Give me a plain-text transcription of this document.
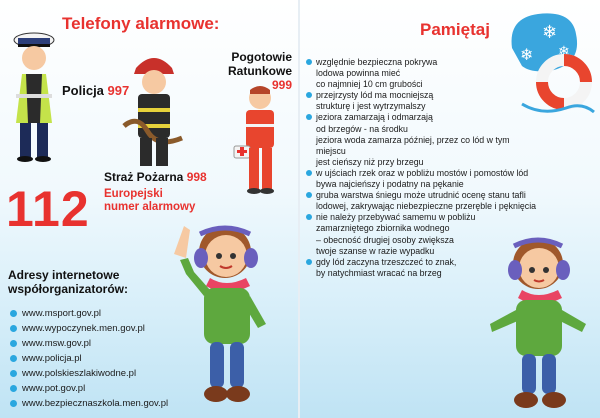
Telefony alarmowe:
Policja 997
Pogotowie
Ratunkowe 999
Straż Pożarna 998
112 Europejski
numer alarmowy
Adresy internetowe
współorganizatorów:
www.msport.gov.pl
www.wypoczynek.men.gov.pl
www.msw.gov.pl
www.policja.pl
www.polskieszlakiwodne.pl
www.pot.gov.pl
www.bezpiecznaszkola.men.gov.pl
Pamiętaj	❄
❄
❄
względnie bezpieczna pokrywa
lodowa powinna mieć
co najmniej 10 cm grubości
przejrzysty lód ma mocniejszą
strukturę i jest wytrzymalszy
jeziora zamarzają i odmarzają
od brzegów - na środku
jeziora woda zamarza później, przez co lód w tym miejscu
jest cieńszy niż przy brzegu
w ujściach rzek oraz w pobliżu mostów i pomostów lód
bywa najcieńszy i podatny na pękanie
gruba warstwa śniegu może utrudnić ocenę stanu tafli
lodowej, zakrywając niebezpieczne przeręble i pęknięcia
nie należy przebywać samemu w pobliżu
zamarzniętego zbiornika wodnego
– obecność drugiej osoby zwiększa
twoje szanse w razie wypadku
gdy lód zaczyna trzeszczeć to znak,
by natychmiast wracać na brzeg
